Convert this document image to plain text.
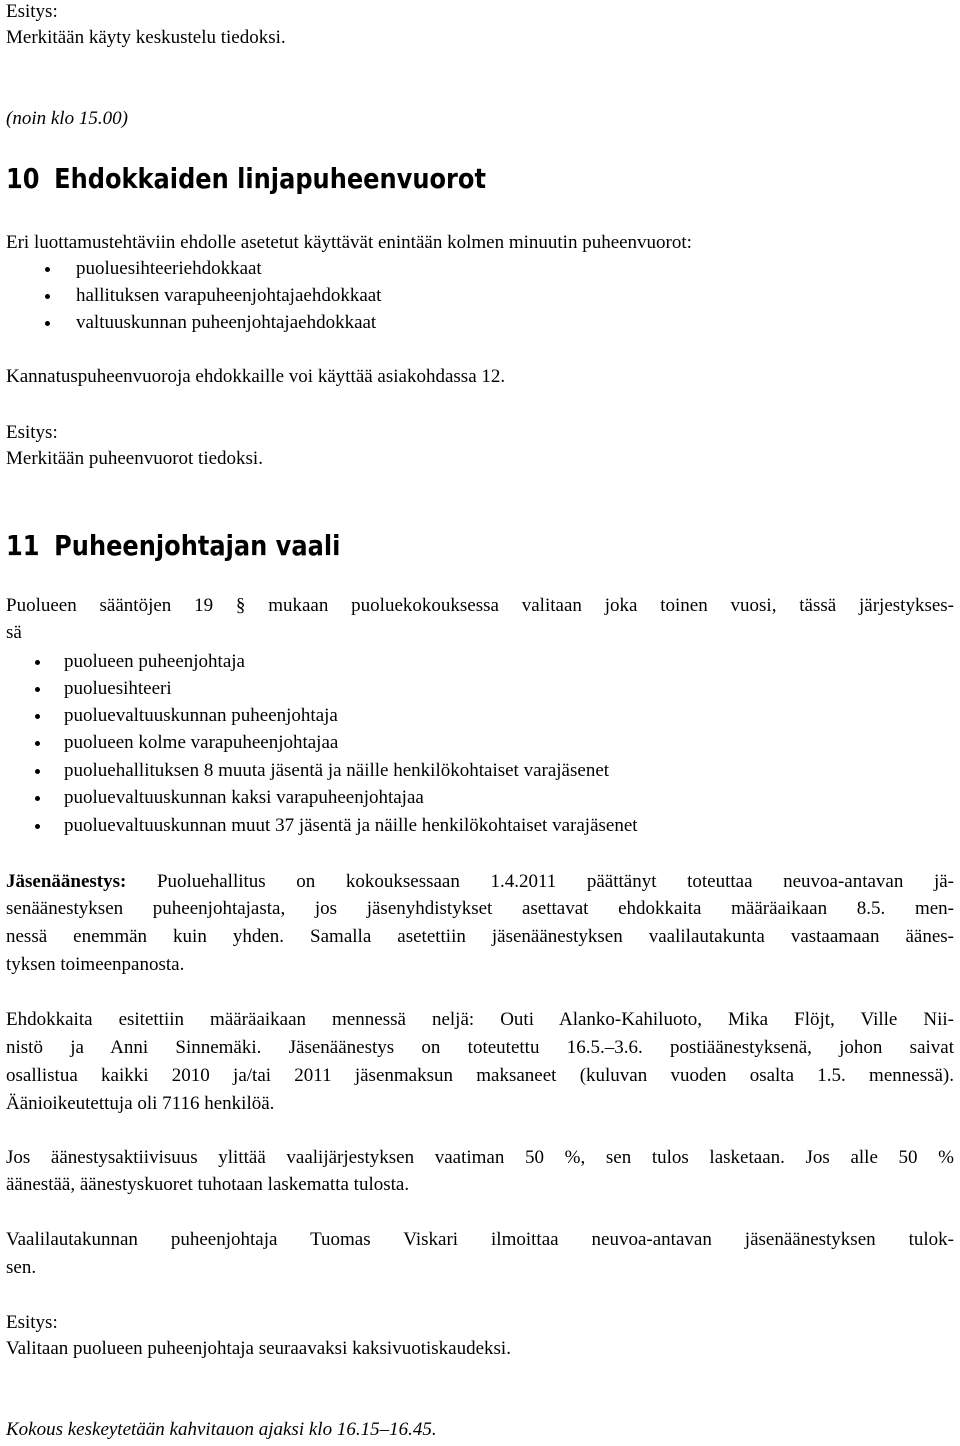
Esitys:
Merkitään käyty keskustelu tiedoksi.
(noin klo 15.00)
10 Ehdokkaiden linjapuheenvuorot
Eri luottamustehtäviin ehdolle asetetut käyttävät enintään kolmen minuutin puheenvuorot:
puoluesihteeriehdokkaat
hallituksen varapuheenjohtajaehdokkaat
valtuuskunnan puheenjohtajaehdokkaat
Kannatuspuheenvuoroja ehdokkaille voi käyttää asiakohdassa 12.
Esitys:
Merkitään puheenvuorot tiedoksi.
11 Puheenjohtajan vaali
Puolueen sääntöjen 19 § mukaan puoluekokouksessa valitaan joka toinen vuosi, tässä järjestykses-
sä
puolueen puheenjohtaja
puoluesihteeri
puoluevaltuuskunnan puheenjohtaja
puolueen kolme varapuheenjohtajaa
puoluehallituksen 8 muuta jäsentä ja näille henkilökohtaiset varajäsenet
puoluevaltuuskunnan kaksi varapuheenjohtajaa
puoluevaltuuskunnan muut 37 jäsentä ja näille henkilökohtaiset varajäsenet
Jäsenäänestys: Puoluehallitus on kokouksessaan 1.4.2011 päättänyt toteuttaa neuvoa-antavan jä-
senäänestyksen puheenjohtajasta, jos jäsenyhdistykset asettavat ehdokkaita määräaikaan 8.5. men-
nessä enemmän kuin yhden. Samalla asetettiin jäsenäänestyksen vaalilautakunta vastaamaan äänes-
tyksen toimeenpanosta.
Ehdokkaita esitettiin määräaikaan mennessä neljä: Outi Alanko-Kahiluoto, Mika Flöjt, Ville Nii-
nistö ja Anni Sinnemäki. Jäsenäänestys on toteutettu 16.5.–3.6. postiäänestyksenä, johon saivat
osallistua kaikki 2010 ja/tai 2011 jäsenmaksun maksaneet (kuluvan vuoden osalta 1.5. mennessä).
Äänioikeutettuja oli 7116 henkilöä.
Jos äänestysaktiivisuus ylittää vaalijärjestyksen vaatiman 50 %, sen tulos lasketaan. Jos alle 50 %
äänestää, äänestyskuoret tuhotaan laskematta tulosta.
Vaalilautakunnan puheenjohtaja Tuomas Viskari ilmoittaa neuvoa-antavan jäsenäänestyksen tulok-
sen.
Esitys:
Valitaan puolueen puheenjohtaja seuraavaksi kaksivuotiskaudeksi.
Kokous keskeytetään kahvitauon ajaksi klo 16.15–16.45.
